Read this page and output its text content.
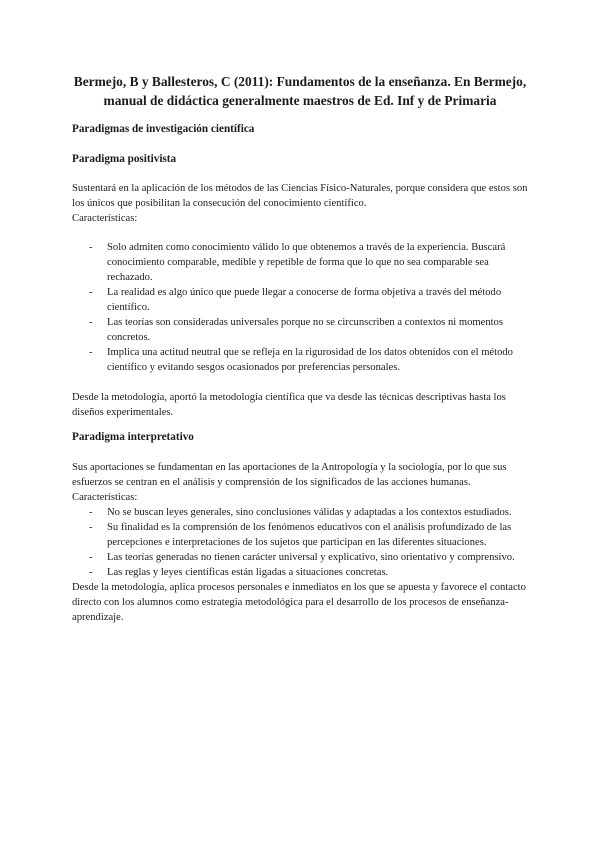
Bermejo, B y Ballesteros, C (2011): Fundamentos de la enseñanza. En Bermejo,
manual de didáctica generalmente maestros de Ed. Inf y de Primaria

Paradigmas de investigación científica

Paradigma positivista

Sustentará en la aplicación de los métodos de las Ciencias Físico-Naturales, porque considera que estos son los únicos que posibilitan la consecución del conocimiento científico.

Características:

- Solo admiten como conocimiento válido lo que obtenemos a través de la experiencia. Buscará conocimiento comparable, medible y repetible de forma que lo que no sea comparable sea rechazado.
- La realidad es algo único que puede llegar a conocerse de forma objetiva a través del método científico.
- Las teorías son consideradas universales porque no se circunscriben a contextos ni momentos concretos.
- Implica una actitud neutral que se refleja en la rigurosidad de los datos obtenidos con el método científico y evitando sesgos ocasionados por preferencias personales.

Desde la metodología, aportó la metodología científica que va desde las técnicas descriptivas hasta los diseños experimentales.

Paradigma interpretativo

Sus aportaciones se fundamentan en las aportaciones de la Antropología y la sociología, por lo que sus esfuerzos se centran en el análisis y comprensión de los significados de las acciones humanas.

Características:

- No se buscan leyes generales, sino conclusiones válidas y adaptadas a los contextos estudiados.
- Su finalidad es la comprensión de los fenómenos educativos con el análisis profundizado de las percepciones e interpretaciones de los sujetos que participan en las diferentes situaciones.
- Las teorías generadas no tienen carácter universal y explicativo, sino orientativo y comprensivo.
- Las reglas y leyes científicas están ligadas a situaciones concretas.

Desde la metodología, aplica procesos personales e inmediatos en los que se apuesta y favorece el contacto directo con los alumnos como estrategia metodológica para el desarrollo de los procesos de enseñanza-aprendizaje.
